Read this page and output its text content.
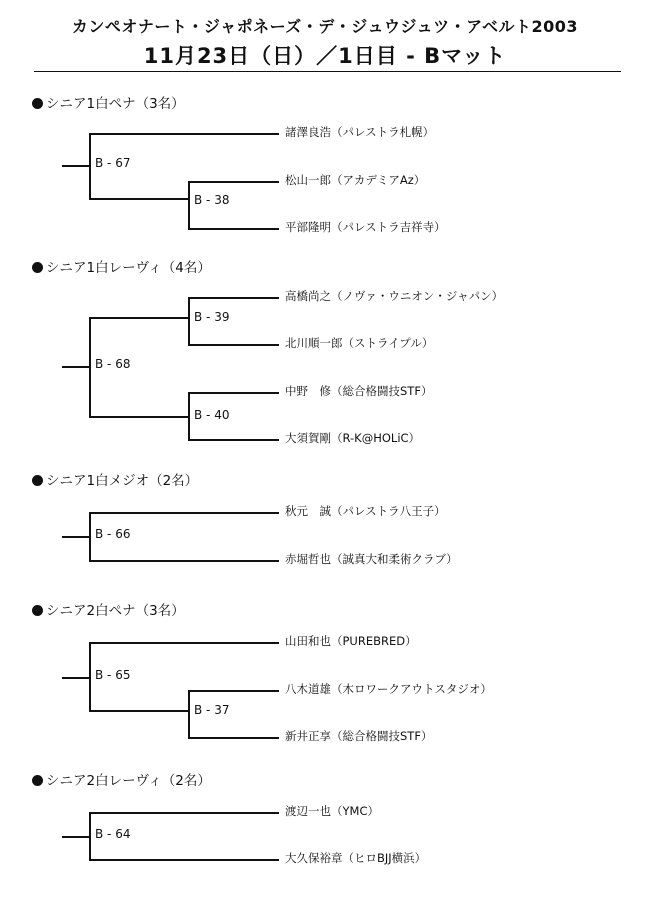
カンペオナート・ジャポネーズ・デ・ジュウジュツ・アベルト2003
11月23日（日）／1日目 - Bマット
シニア1白ペナ（3名）
B - 67
B - 38
諸澤良浩（パレストラ札幌）
松山一郎（アカデミアAz）
平部隆明（パレストラ吉祥寺）
シニア1白レーヴィ（4名）
B - 68
B - 39
B - 40
高橋尚之（ノヴァ・ウニオン・ジャパン）
北川順一郎（ストライプル）
中野　修（総合格闘技STF）
大須賀剛（R-K@HOLiC）
シニア1白メジオ（2名）
B - 66
秋元　誠（パレストラ八王子）
赤堀哲也（誠真大和柔術クラブ）
シニア2白ペナ（3名）
B - 65
B - 37
山田和也（PUREBRED）
八木道雄（木ロワークアウトスタジオ）
新井正享（総合格闘技STF）
シニア2白レーヴィ（2名）
B - 64
渡辺一也（YMC）
大久保裕章（ヒロBJJ横浜）
